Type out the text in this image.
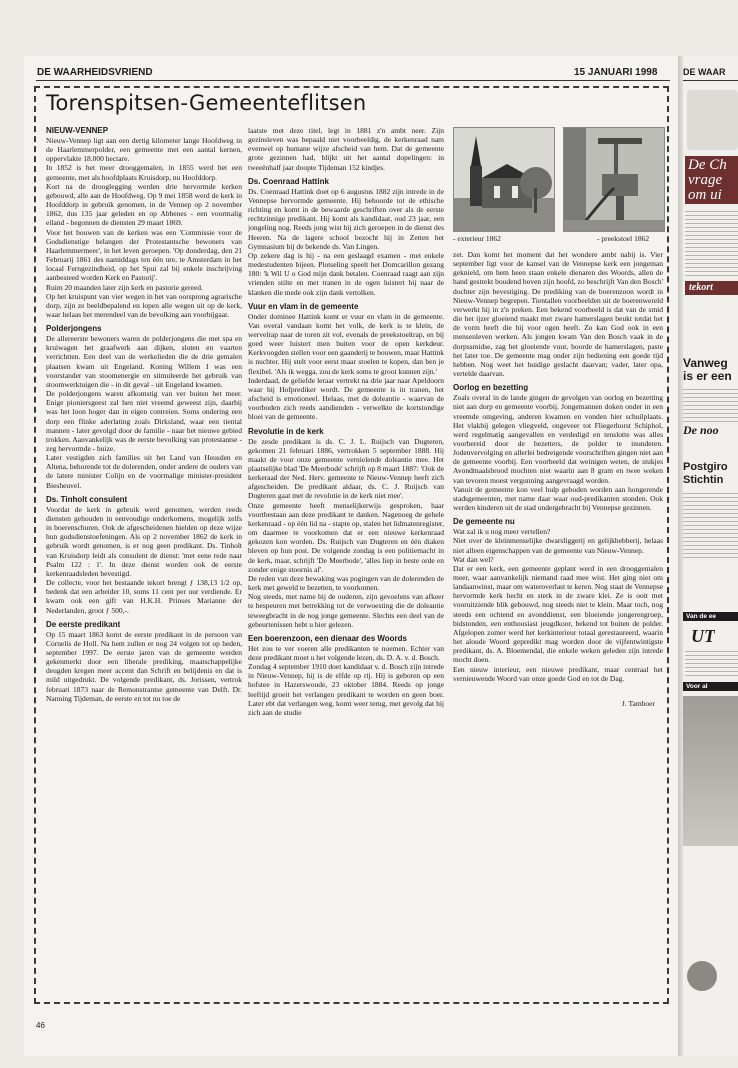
DE WAARHEIDSVRIEND	15 JANUARI 1998
Torenspitsen-Gemeenteflitsen
NIEUW-VENNEP

Nieuw-Vennep ligt aan een dertig kilometer lange Hoofdweg in de Haarlemmerpolder, een gemeente met een aantal kernen, oppervlakte 18.000 hectare.

In 1852 is het meer drooggemalen, in 1855 werd het een gemeente, met als hoofdplaats Kruisdorp, nu Hoofddorp.

Kort na de drooglegging werden drie hervormde kerken gebouwd, alle aan de Hoofdweg. Op 9 mei 1858 werd de kerk in Hoofddorp in gebruik genomen, in de Vennep op 2 november 1862, dus 135 jaar geleden en op Abbenes - een voormalig eiland - begonnen de diensten 29 maart 1869.

Voor het bouwen van de kerken was een 'Commissie voor de Godsdienstige belangen der Protestantsche bewoners van Haarlemmermeer', in het leven geroepen. 'Op donderdag, den 21 Februarij 1861 des namiddags ten één ure, te Amsterdam in het locaal Ferngezindheid, op het Spui zal bij enkele inschrijving aanbesteed worden Kerk en Pastorij'.

Ruim 20 maanden later zijn kerk en pastorie gereed.

Op het kruispunt van vier wegen in het van oorsprong agrarische dorp, zijn ze beeldbepalend en lopen alle wegen uit op de kerk, waar helaas het merendeel van de bevolking aan voorbijgaat.

Polderjongens

De allereerste bewoners waren de polderjongens die met spa en kruiwagen het graafwerk aan dijken, sloten en vaarten verrichtten. Een deel van de werkelieden die de drie gemalen plaatsen kwam uit Engeland. Koning Willem I was een voorstander van stoomenergie en stimuleerde het gebruik van stoomwerktuigen die - in dit geval - uit Engeland kwamen.

De polderjongens waren afkomstig van ver buiten het meer. Enige pioniersgeest zal hen niet vreemd geweest zijn, daarbij was het loon hoger dan in eigen contreien. Soms ondering een dorp een flinke aderlating zoals Dirksland, waar een tiental mannen - later gevolgd door de familie - naar het nieuwe gebied trokken. Aanvankelijk was de eerste bevolking van protestantse - zeg hervormde - huize.

Later vestigden zich families uit het Land van Heusden en Altena, behorende tot de dolerenden, onder andere de ouders van de latere minister Colijn en de voormalige minister-president Biesheuvel.

Ds. Tinholt consulent

Voordat de kerk in gebruik werd genomen, werden reeds diensten gehouden in eenvoudige onderkomens, mogelijk zelfs in boerenschuren. Ook de afgescheidenen hielden op deze wijze hun godsdienstoefeningen. Als op 2 november 1862 de kerk in gebruik wordt genomen, is er nog geen predikant. Ds. Tinholt van Kruisdorp leidt als consulent de dienst: 'met eene rede naar Psalm 122 : 1'. In deze dienst worden ook de eerste kerkenraadsleden bevestigd.

De collecte, voor het bestaande tekort brengt ƒ 138,13 1/2 op, bedenk dat een arbeider 10, soms 11 cent per uur verdiende. Er kwam ook een gift van H.K.H. Prinses Marianne der Nederlanden, groot ƒ 500,-.

De eerste predikant

Op 15 maart 1863 komt de eerste predikant in de persoon van Cornelis de Holl. Na hem zullen er nog 24 volgen tot op heden, september 1997. De eerste jaren van de gemeente werden gekenmerkt door een liberale prediking, maatschappelijke deugden kregen meer accent dan Schrift en belijdenis en dat is mild uitgedrukt. De volgende predikant, ds. Jorissen, vertrok februari 1873 naar de Remonstrantse gemeente van Delft. Dr. Nanning Tijdeman, de eerste en tot nu toe de

laatste met deze titel, legt in 1881 z'n ambt neer. Zijn gezinsleven was bepaald niet voorbeeldig, de kerkenraad nam evenwel op humane wijze afscheid van hem. Dat de gemeente grote gezinnen had, blijkt uit het aantal dopelingen: in tweeënhalf jaar doopte Tijdeman 152 kindjes.

Ds. Coenraad Hattink

Ds. Coenraad Hattink doet op 6 augustus 1882 zijn intrede in de Vennepse hervormde gemeente. Hij behoorde tot de ethische richting en komt in de bewaarde geschriften over als de eerste rechtzinnige predikant. Hij komt als kandidaat, oud 23 jaar, een jongeling nog. Reeds jong wist hij zich geroepen in de dienst des Heeren. Na de lagere school bezocht hij in Zetten het Gymnasium bij de bekende ds. Van Lingen.

Op zekere dag is hij - na een geslaagd examen - met enkele medestudenten bijeen. Plotseling speelt het Domcarillon gezang 180: 'k Wil U o God mijn dank betalen. Coenraad raagt aan zijn vrienden stilte en met tranen in de ogen luistert hij naar de klanken die mede ook zijn dank vertolken.

Vuur en vlam in de gemeente

Onder dominee Hattink komt er vuur en vlam in de gemeente. Van overal vandaan komt het volk, de kerk is te klein, de wervelrap naar de toren zit vol, evenals de preekstoeltrap, en bij goed weer luistert men buiten voor de open kerkdeur. Kerkvoogden stellen voor een gaanderij te bouwen, maar Hattink is nuchter. Hij stelt voor eerst maar stoelen te kopen, dan ben je flexibel. 'Als ik wegga, zou de kerk soms te groot kunnen zijn.'

Inderdaad, de geliefde leraar vertrekt na drie jaar naar Apeldoorn waar hij Hofprediker wordt. De gemeente is in tranen, het afscheid is emotioneel. Helaas, met de doleantie - waarvan de voorboden zich reeds aandienden - verwelkte de kortstondige bloei van de gemeente.

Revolutie in de kerk

De zesde predikant is ds. C. J. L. Ruijsch van Dugteren, gekomen 21 februari 1886, vertrokken 5 september 1888. Hij maakt de voor onze gemeente vernielende doleantie mee. Het plaatselijke blad 'De Meerbode' schrijft op 8 maart 1887: 'Ook de kerkeraad der Ned. Herv. gemeente te Nieuw-Vennep heeft zich afgescheiden. De predikant aldaar, ds. C. J. Ruijsch van Dugteren gaat met de revolutie in de kerk niet mee'.

Onze gemeente heeft menselijkerwijs gesproken, haar voortbestaan aan deze predikant te danken. Nagenoeg de gehele kerkenraad - op één lid na - stapte op, stalen het lidmatenregister, om daarmee te voorkomen dat er een nieuwe kerkenraad gekozen kon worden. Ds. Ruijsch van Dugteren en één diaken bleven op hun post. De volgende zondag is een politiemacht in de kerk, maar, schrijft 'De Meerbode', 'alles liep in beste orde en zonder enige stoornis af'.

De reden van deze bewaking was pogingen van de dolerenden de kerk met geweld te bezetten, te voorkomen.

Nog steeds, met name bij de ouderen, zijn gevoelens van afkeer te bespeuren met betrekking tot de verwoesting die de doleantie teweegbracht in de nog jonge gemeente. Slechts een deel van de gebeurtenissen hebt u hier gelezen.

Een boerenzoon, een dienaar des Woords

Het zou te ver voeren alle predikanten te noemen. Echter van deze predikant moet u het volgende lezen, ds. D. A. v. d. Bosch.

Zondag 4 september 1910 doet kandidaat v. d. Bosch zijn intrede in Nieuw-Vennep, hij is de elfde op rij. Hij is geboren op een hofstee in Hazerswoude, 23 oktober 1884. Reeds op jonge leeftijd groeit het verlangen predikant te worden en geen boer. Later ebt dat verlangen weg, komt weer terug, met gevolg dat hij zich aan de studie

- exterieur 1862	- preekstoel 1862

zet. Dan komt het moment dat het wondere ambt nabij is. Vier september ligt voor de kansel van de Vennepse kerk een jongeman geknield, om hem heen staan enkele dienaren des Woords, allen de hand gestrekt boudend boven zijn hoofd, zo beschrijft Van den Bosch' dochter zijn bevestiging. De prediking van de boerenzoon wordt in Nieuw-Vennep begrepen. Tientallen voorbeelden uit de boerenwereld verwerkt hij in z'n preken. Een bekend voorbeeld is dat van de smid die het ijzer gloeiend maakt met zware hamerslagen beukt totdat het de vorm heeft die hij voor ogen heeft. Zo kan God ook in een mensenleven werken. Als jongen kwam Van den Bosch vaak in de dorpssmidse, zag het gloeiende vuur, hoorde de hamerslagen, paste het later toe. De gemeente mag onder zijn bediening een goede tijd hebben. Nog weet het huidige geslacht daarvan; vader, later opa, vertelde daarvan.

Oorlog en bezetting

Zoals overal in de lande gingen de gevolgen van oorlog en bezetting niet aan dorp en gemeente voorbij. Jongemannen doken onder in een vreemde omgeving, anderen kwamen en vonden hier schuilplaats. Het vlakbij gelegen vliegveld, ongeveer tot Fliegerhorst Schiphol, werd regelmatig aangevallen en verdedigd en tenslotte was alles voorbereid door de bezetters, de polder te inunderen. Jodenvervolging en allerlei bedreigende voorschriften gingen niet aan de gemeente voorbij. Een voorbeeld dat weinigen weten, de stukjes Avondmaalsbrood mochten niet waarin aan 8 gram en twee weken van tevoren moest vergunning aangevraagd worden.

Vanuit de gemeente kon veel hulp geboden worden aan hongerende stadsgemeenten, met name daar waar oud-predikanten stonden. Ook werden kinderen uit de stad ondergebracht bij Vennepse gezinnen.

De gemeente nu

Wat zal ik u nog meer vertellen?

Niet over de kleinmenselijke dwarsliggerij en gelijkhebberij, helaas niet alleen eigenschappen van de gemeente van Nieuw-Vennep.

Wat dan wel?

Dat er een kerk, een gemeente geplant werd in een drooggemalen meer, waar aanvankelijk niemand raad mee wist. Het ging niet om landaanwinst, maar om wateroverlast te keren. Nog staat de Vennepse hervormde kerk hecht en sterk in de zware klei. Ze is ooit met vooruitziende blik gebouwd, nog steeds niet te klein. Maar toch, nog steeds een ochtend en avonddienst, een bloeiende jongerengroep, bidstonden, een enthousiast jeugdkoor, bekend tot buiten de polder. Afgelopen zomer werd het kerkinterieur totaal gerestaureerd, waarin het aloude Woord gepredikt mag worden door de vijfentwintigste predikant, ds. A. Bloemendal, die enkele weken geleden zijn intrede mocht doen.

Een nieuw interieur, een nieuwe predikant, maar centraal het vernieuwende Woord van onze goede God en tot de Dag.

J. Tamboer

46
DE WAAR
De Ch
vrage
om ui
tekort
Vanweg
is er een
De noo
Postgiro
Stichtin
Van de ee
UT
Voor al
